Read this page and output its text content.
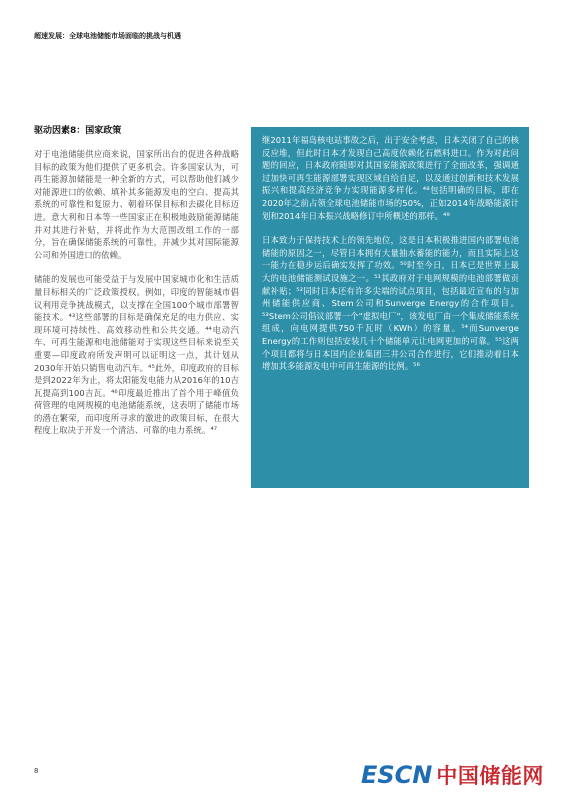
超速发展：全球电池储能市场面临的挑战与机遇
驱动因素8：国家政策

对于电池储能供应商来说，国家所出台的促进各种战略目标的政策为他们提供了更多机会。许多国家认为，可再生能源加储能是一种全新的方式，可以帮助他们减少对能源进口的依赖、填补其多能源发电的空白、提高其系统的可靠性和复原力、朝着环保目标和去碳化目标迈进。意大利和日本等一些国家正在积极地鼓励能源储能并对其进行补贴，并将此作为大范围改组工作的一部分，旨在确保储能系统的可靠性，并减少其对国际能源公司和外国进口的依赖。

储能的发展也可能受益于与发展中国家城市化和生活质量目标相关的广泛政策授权。例如，印度的智能城市倡议利用竞争挑战模式，以支撑在全国100个城市部署智能技术。⁴³这些部署的目标是确保充足的电力供应、实现环境可持续性、高效移动性和公共交通。⁴⁴电动汽车、可再生能源和电池储能对于实现这些目标来说至关重要—印度政府所发声明可以证明这一点，其计划从2030年开始只销售电动汽车。⁴⁵此外，印度政府的目标是到2022年为止，将太阳能发电能力从2016年的10吉瓦提高到100吉瓦。⁴⁶印度最近推出了首个用于峰值负荷管理的电网规模的电池储能系统，这表明了储能市场的潜在繁荣，而印度所寻求的激进的政策目标，在很大程度上取决于开发一个清洁、可靠的电力系统。⁴⁷

继2011年福岛核电站事故之后，出于安全考虑，日本关闭了自己的核反应堆，但此时日本才发现自己高度依赖化石燃料进口。作为对此问题的回应，日本政府随即对其国家能源政策进行了全面改革，强调通过加快可再生能源部署实现区域自给自足，以及通过创新和技术发展振兴和提高经济竞争力实现能源多样化。⁴⁸包括明确的目标，即在2020年之前占领全球电池储能市场的50%，正如2014年战略能源计划和2014年日本振兴战略修订中所概述的那样。⁴⁹

日本致力于保持技术上的领先地位，这是日本积极推进国内部署电池储能的原因之一，尽管日本拥有大量抽水蓄能的能力，而且实际上这一能力在稳步运后确实发挥了功效。⁵⁰时至今日，日本已是世界上最大的电池储能测试设施之一。⁵¹其政府对于电网规模的电池部署做贡献补贴；⁵²同时日本还有许多尖端的试点项目，包括最近宣布的与加州储能供应商、Stem公司和Sunverge Energy的合作项目。⁵³Stem公司倡议部署一个"虚拟电厂"，该发电厂由一个集成储能系统组成，向电网提供750千瓦时（KWh）的容量。⁵⁴而Sunverge Energy的工作则包括安装几十个储能单元让电网更加的可靠。⁵⁵这两个项目都将与日本国内企业集团三井公司合作进行，它们推动着日本增加其多能源发电中可再生能源的比例。⁵⁶

8	ESCN 中国储能网
